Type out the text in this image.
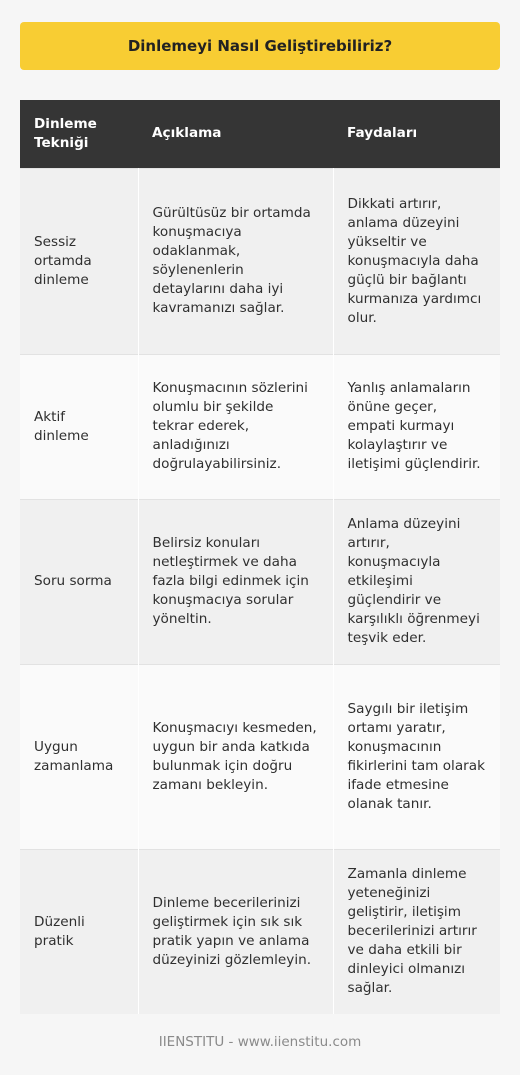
Dinlemeyi Nasıl Geliştirebiliriz?
Dinleme Tekniği	Açıklama	Faydaları
Sessiz ortamda dinleme	Gürültüsüz bir ortamda konuşmacıya odaklanmak, söylenenlerin detaylarını daha iyi kavramanızı sağlar.	Dikkati artırır, anlama düzeyini yükseltir ve konuşmacıyla daha güçlü bir bağlantı kurmanıza yardımcı olur.
Aktif dinleme	Konuşmacının sözlerini olumlu bir şekilde tekrar ederek, anladığınızı doğrulayabilirsiniz.	Yanlış anlamaların önüne geçer, empati kurmayı kolaylaştırır ve iletişimi güçlendirir.
Soru sorma	Belirsiz konuları netleştirmek ve daha fazla bilgi edinmek için konuşmacıya sorular yöneltin.	Anlama düzeyini artırır, konuşmacıyla etkileşimi güçlendirir ve karşılıklı öğrenmeyi teşvik eder.
Uygun zamanlama	Konuşmacıyı kesmeden, uygun bir anda katkıda bulunmak için doğru zamanı bekleyin.	Saygılı bir iletişim ortamı yaratır, konuşmacının fikirlerini tam olarak ifade etmesine olanak tanır.
Düzenli pratik	Dinleme becerilerinizi geliştirmek için sık sık pratik yapın ve anlama düzeyinizi gözlemleyin.	Zamanla dinleme yeteneğinizi geliştirir, iletişim becerilerinizi artırır ve daha etkili bir dinleyici olmanızı sağlar.
IIENSTITU - www.iienstitu.com
